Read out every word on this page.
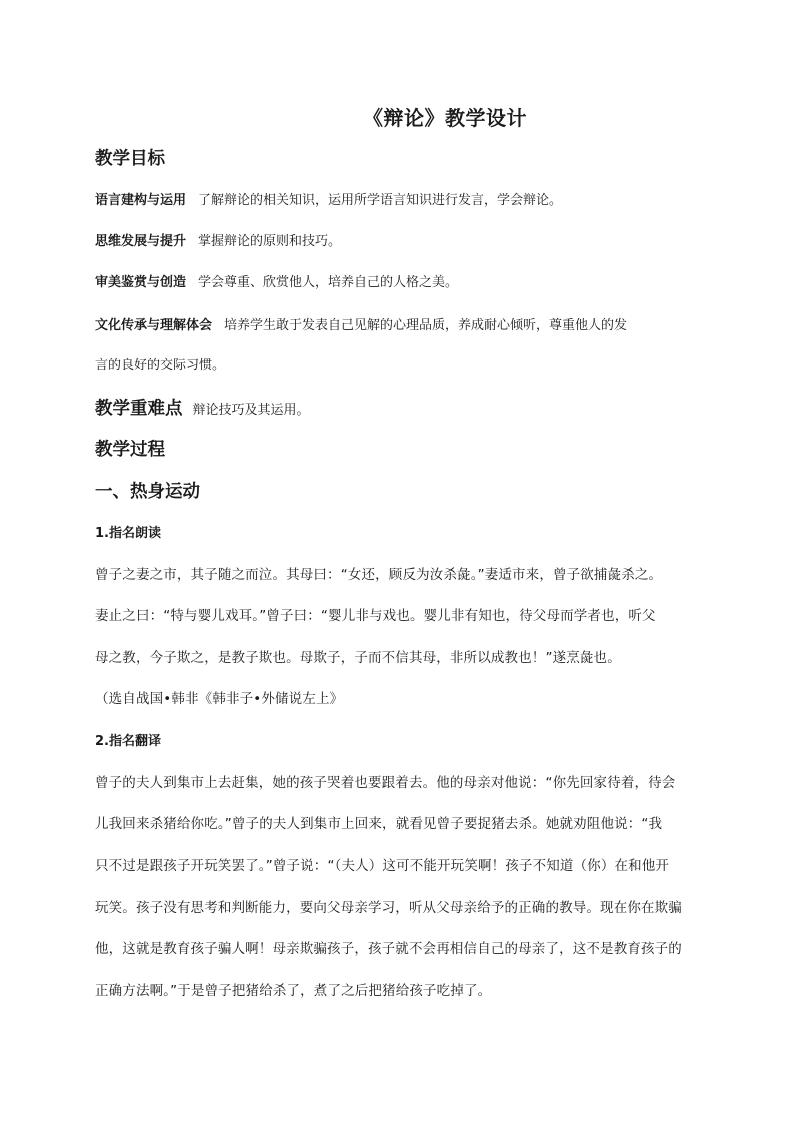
《辩论》教学设计
教学目标
语言建构与运用 了解辩论的相关知识，运用所学语言知识进行发言，学会辩论。
思维发展与提升 掌握辩论的原则和技巧。
审美鉴赏与创造 学会尊重、欣赏他人，培养自己的人格之美。
文化传承与理解体会 培养学生敢于发表自己见解的心理品质，养成耐心倾听，尊重他人的发
言的良好的交际习惯。
教学重难点 辩论技巧及其运用。
教学过程
一、热身运动
1.指名朗读
曾子之妻之市，其子随之而泣。其母曰：“女还，顾反为汝杀彘。”妻适市来，曾子欲捕彘杀之。
妻止之曰：“特与婴儿戏耳。”曾子曰：“婴儿非与戏也。婴儿非有知也，待父母而学者也，听父
母之教，今子欺之，是教子欺也。母欺子，子而不信其母，非所以成教也！”遂烹彘也。
（选自战国•韩非《韩非子•外储说左上》
2.指名翻译
曾子的夫人到集市上去赶集，她的孩子哭着也要跟着去。他的母亲对他说：“你先回家待着，待会
儿我回来杀猪给你吃。”曾子的夫人到集市上回来，就看见曾子要捉猪去杀。她就劝阻他说：“我
只不过是跟孩子开玩笑罢了。”曾子说：“（夫人）这可不能开玩笑啊！孩子不知道（你）在和他开
玩笑。孩子没有思考和判断能力，要向父母亲学习，听从父母亲给予的正确的教导。现在你在欺骗
他，这就是教育孩子骗人啊！母亲欺骗孩子，孩子就不会再相信自己的母亲了，这不是教育孩子的
正确方法啊。”于是曾子把猪给杀了，煮了之后把猪给孩子吃掉了。
